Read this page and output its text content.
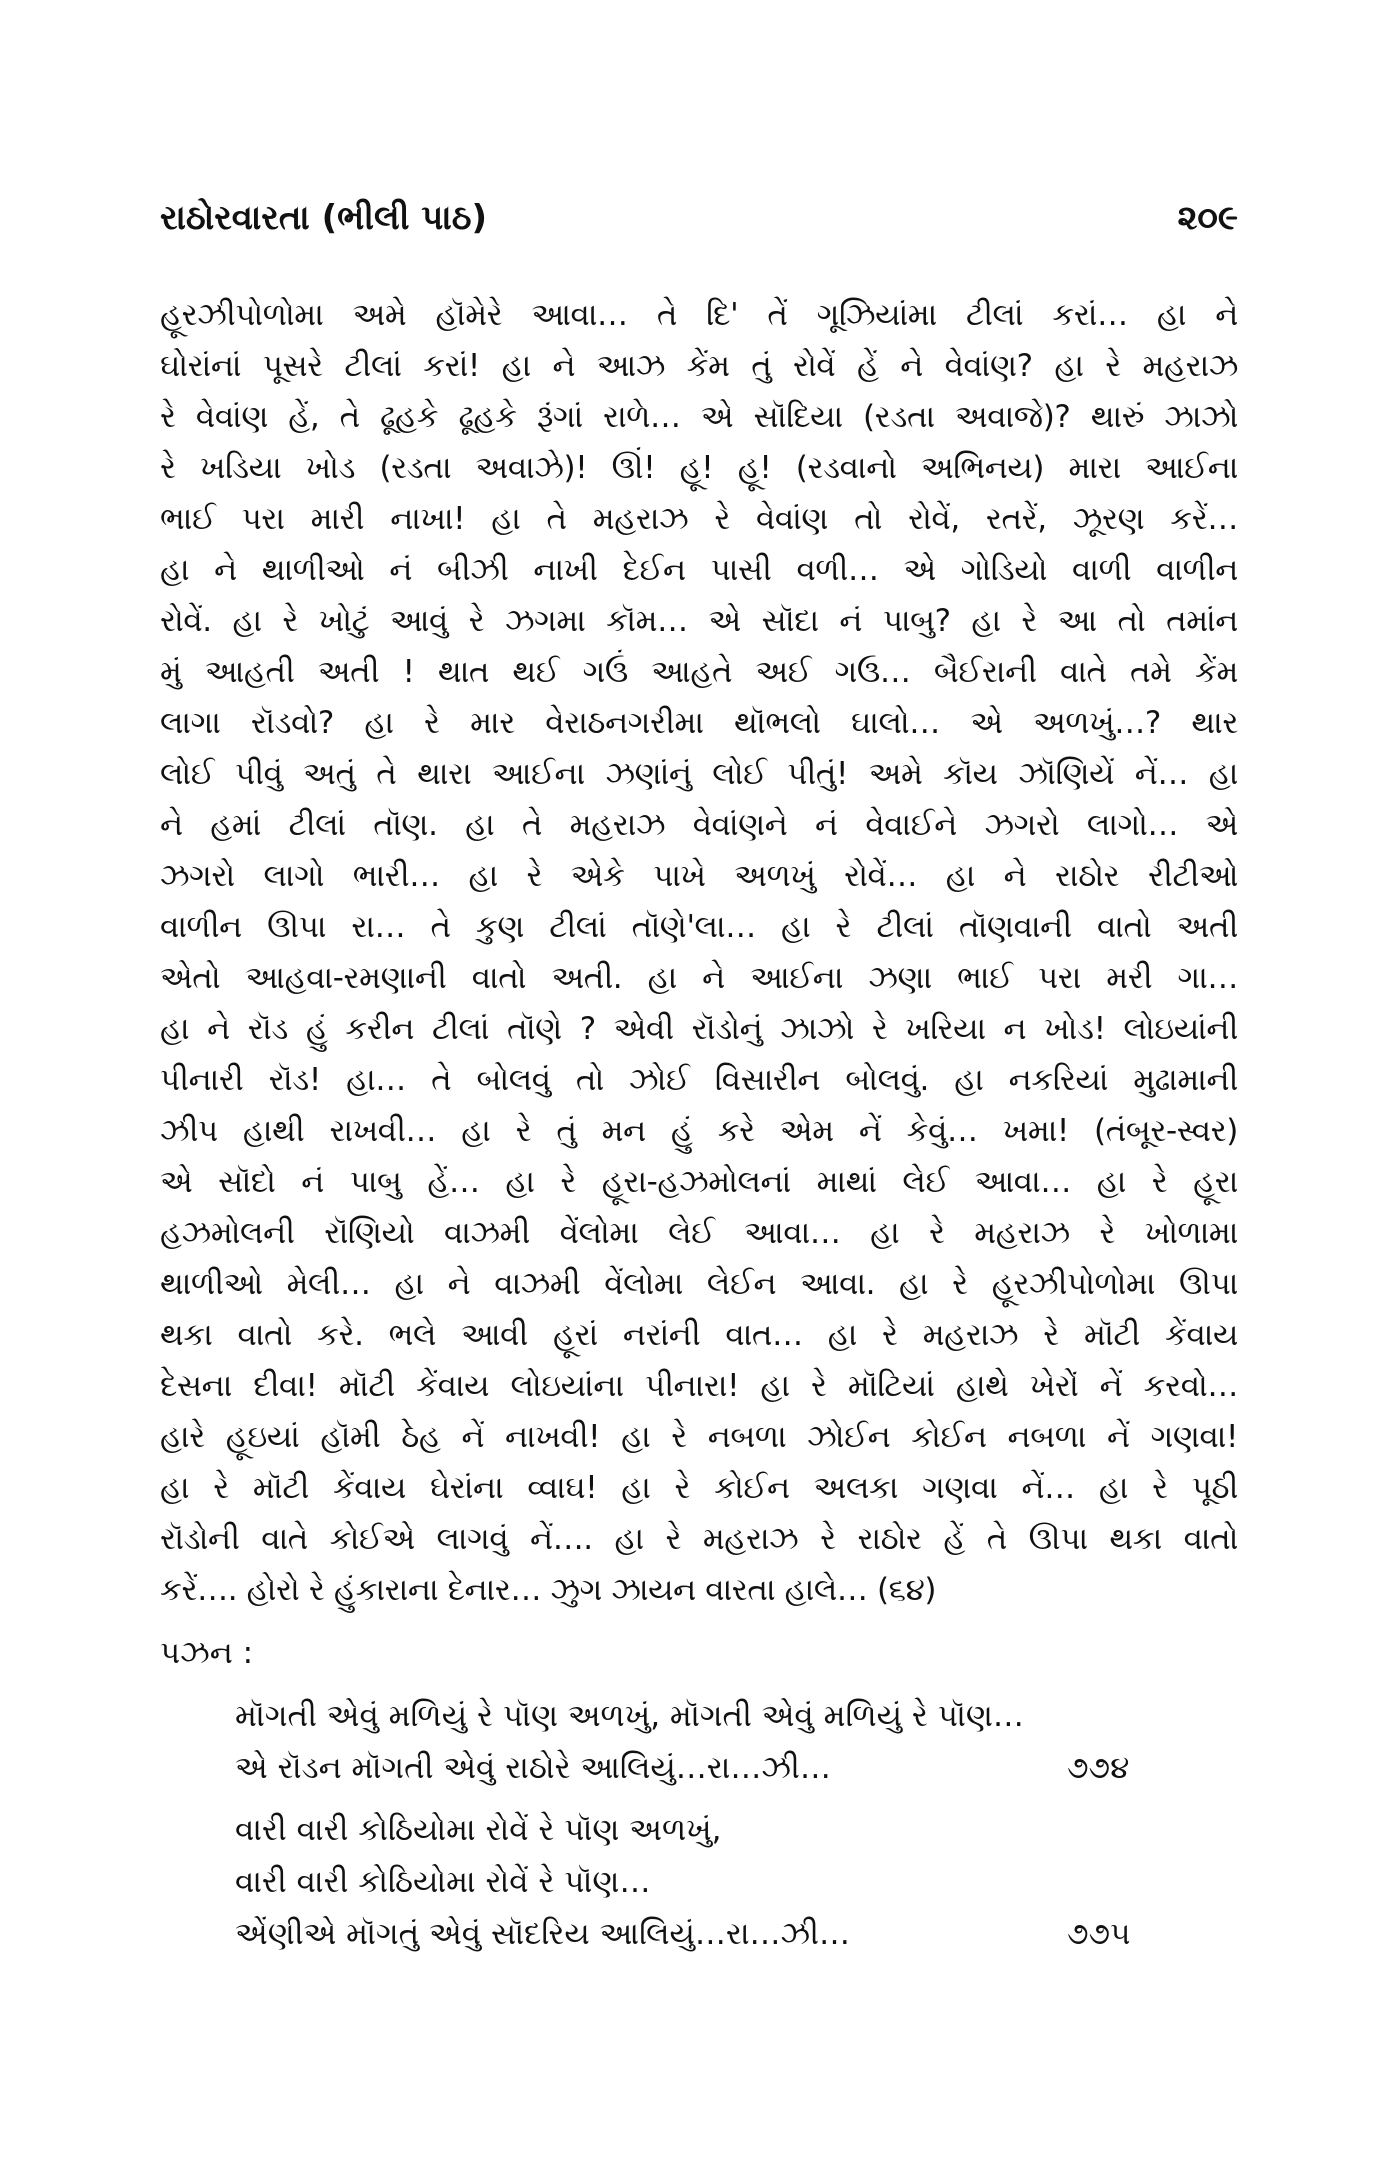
રાઠોરવારતા (ભીલી પાઠ)	૨૦૯
હૂરઝીપોળોમા અમે હૉમેરે આવા… તે દિ' તેં ગૂઝિયાંમા ટીલાં કરાં… હા ને
ઘોરાંનાં પૂસરે ટીલાં કરાં! હા ને આઝ કેંમ તું રોવેં હેં ને વેવાંણ? હા રે મહરાઝ
રે વેવાંણ હેં, તે ઢૂહકે ઢૂહકે રૂંગાં રાળે… એ સૉદિયા (રડતા અવાજે)? થારું ઝાઝો
રે ખડિયા ખોડ (રડતા અવાઝે)! ઊં! હૂ! હૂ! (રડવાનો અભિનય) મારા આઈના
ભાઈ પરા મારી નાખા! હા તે મહરાઝ રે વેવાંણ તો રોવેં, રતરેં, ઝૂરણ કરેં…
હા ને થાળીઓ નં બીઝી નાખી દેઈન પાસી વળી… એ ગોડિયો વાળી વાળીન
રોવેં. હા રે ખોટું આવું રે ઝગમા કૉમ… એ સૉદા નં પાબુ? હા રે આ તો તમાંન
મું આહતી અતી ! થાત થઈ ગઉં આહતે અઈ ગઉ… બૈઈરાની વાતે તમે કેંમ
લાગા રૉડવો? હા રે માર વેરાઠનગરીમા થૉભલો ઘાલો… એ અળખું…? થાર
લોઈ પીવું અતું તે થારા આઈના ઝણાંનું લોઈ પીતું! અમે કૉય ઝૉણિયેં નેં… હા
ને હમાં ટીલાં તૉણ. હા તે મહરાઝ વેવાંણને નં વેવાઈને ઝગરો લાગો… એ
ઝગરો લાગો ભારી… હા રે એકે પાખે અળખું રોવેં… હા ને રાઠોર રીટીઓ
વાળીન ઊપા રા… તે કુણ ટીલાં તૉણે'લા… હા રે ટીલાં તૉણવાની વાતો અતી
એતો આહવા-રમણાની વાતો અતી. હા ને આઈના ઝણા ભાઈ પરા મરી ગા…
હા ને રૉડ હું કરીન ટીલાં તૉણે ? એવી રૉડોનું ઝાઝો રે ખરિયા ન ખોડ! લોઇયાંની
પીનારી રૉડ! હા… તે બોલવું તો ઝોઈ વિસારીન બોલવું. હા નકરિયાં મુઢામાની
ઝીપ હાથી રાખવી… હા રે તું મન હું કરે એમ નેં કેવું… ખમા! (તંબૂર-સ્વર)
એ સૉદો નં પાબુ હેં… હા રે હૂરા-હઝમોલનાં માથાં લેઈ આવા… હા રે હૂરા
હઝમોલની રૉણિયો વાઝમી વેંલોમા લેઈ આવા… હા રે મહરાઝ રે ખોળામા
થાળીઓ મેલી… હા ને વાઝમી વેંલોમા લેઈન આવા. હા રે હૂરઝીપોળોમા ઊપા
થકા વાતો કરે. ભલે આવી હૂરાં નરાંની વાત… હા રે મહરાઝ રે મૉટી કેંવાય
દેસના દીવા! મૉટી કેંવાય લોઇયાંના પીનારા! હા રે મૉટિયાં હાથે ખેરોં નેં કરવો…
હારે હૂઇયાં હૉમી ઠેહ નેં નાખવી! હા રે નબળા ઝોઈન કોઈન નબળા નેં ગણવા!
હા રે મૉટી કેંવાય ઘેરાંના વ્વાઘ! હા રે કોઈન અલકા ગણવા નેં… હા રે પૂઠી
રૉડોની વાતે કોઈએ લાગવું નેં…. હા રે મહરાઝ રે રાઠોર હેં તે ઊપા થકા વાતો
કરેં…. હોરો રે હુંકારાના દેનાર… ઝુગ ઝાયન વારતા હાલે… (૬૪)
પઝન :
મૉગતી એવું મળિયું રે પૉણ અળખું, મૉગતી એવું મળિયું રે પૉણ…
એ રૉડન મૉગતી એવું રાઠોરે આલિયું…રા…ઝી…	૭૭૪
વારી વારી કોઠિયોમા રોવેં રે પૉણ અળખું,
વારી વારી કોઠિયોમા રોવેં રે પૉણ…
એંણીએ મૉગતું એવું સૉદરિય આલિયું…રા…ઝી…	૭૭૫
